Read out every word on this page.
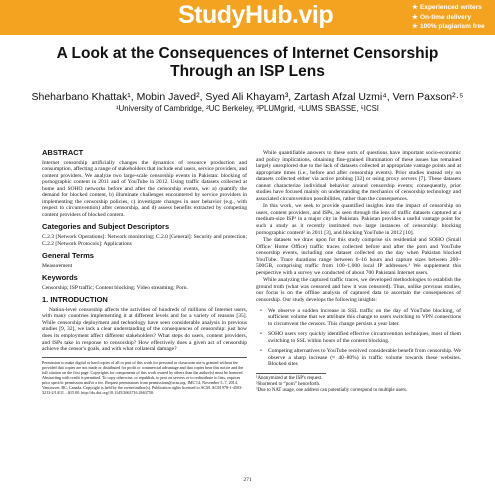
StudyHub.vip	★ Experienced writers
★ On-time delivery
★ 100% plagiarism free
A Look at the Consequences of Internet Censorship
Through an ISP Lens
Sheharbano Khattak¹, Mobin Javed², Syed Ali Khayam³, Zartash Afzal Uzmi⁴, Vern Paxson²·⁵
¹University of Cambridge, ²UC Berkeley, ³PLUMgrid, ⁴LUMS SBASSE, ⁵ICSI
ABSTRACT

Internet censorship artificially changes the dynamics of resource production and consumption, affecting a range of stakeholders that include end users, service providers, and content providers. We analyze two large-scale censorship events in Pakistan: blocking of pornographic content in 2011 and of YouTube in 2012. Using traffic datasets collected at home and SOHO networks before and after the censorship events, we: a) quantify the demand for blocked content, b) illuminate challenges encountered by service providers in implementing the censorship policies, c) investigate changes in user behavior (e.g., with respect to circumvention) after censorship, and d) assess benefits extracted by competing content providers of blocked content.

Categories and Subject Descriptors

C.2.3 [Network Operations]: Network monitoring; C.2.0 [General]: Security and protection; C.2.2 [Network Protocols]: Applications

General Terms

Measurement

Keywords

Censorship; ISP traffic; Content blocking; Video streaming; Porn.

1. INTRODUCTION

Nation-level censorship affects the activities of hundreds of millions of Internet users, with many countries implementing it at different levels and for a variety of reasons [35]. While censorship deployment and technology have seen considerable analysis in previous studies [9, 32], we lack a clear understanding of the consequences of censorship: just how does its employment affect different stakeholders? What steps do users, content providers, and ISPs take in response to censorship? How effectively does a given act of censorship achieve the censor's goals, and with what collateral damage?

Permission to make digital or hard copies of all or part of this work for personal or classroom use is granted without fee provided that copies are not made or distributed for profit or commercial advantage and that copies bear this notice and the full citation on the first page. Copyrights for components of this work owned by others than the author(s) must be honored. Abstracting with credit is permitted. To copy otherwise, or republish, to post on servers or to redistribute to lists, requires prior specific permission and/or a fee. Request permissions from permissions@acm.org. IMC'14, November 5–7, 2014, Vancouver, BC, Canada. Copyright is held by the owner/author(s). Publication rights licensed to ACM. ACM 978-1-4503-3213-2/14/11 ...$15.00. http://dx.doi.org/10.1145/2663716.2663750.

While quantifiable answers to these sorts of questions have important socio-economic and policy implications, obtaining fine-grained illumination of these issues has remained largely unexplored due to the lack of datasets collected at appropriate vantage points and at appropriate times (i.e., before and after censorship events). Prior studies instead rely on datasets collected either via active probing [32] or using proxy servers [7]. These datasets cannot characterize individual behavior around censorship events; consequently, prior studies have focused mainly on understanding the mechanics of censorship technology and associated circumvention possibilities, rather than the consequences.

In this work, we seek to provide quantified insights into the impact of censorship on users, content providers, and ISPs, as seen through the lens of traffic datasets captured at a medium-size ISP¹ in a major city in Pakistan. Pakistan provides a useful vantage point for such a study as it recently instituted two large instances of censorship: blocking pornographic content² in 2011 [3], and blocking YouTube in 2012 [10].

The datasets we draw upon for this study comprise six residential and SOHO (Small Office/ Home Office) traffic traces collected before and after the porn and YouTube censorship events, including one dataset collected on the day when Pakistan blocked YouTube. Trace durations range between 6–16 hours and capture sizes between 200–500GB, comprising traffic from 100–1,000 local IP addresses.³ We supplement this perspective with a survey we conducted of about 700 Pakistani Internet users.

While analyzing the captured traffic traces, we developed methodologies to establish the ground truth (what was censored and how it was censored). Thus, unlike previous studies, our focus is on the offline analysis of captured data to ascertain the consequences of censorship. Our study develops the following insights:

• We observe a sudden increase in SSL traffic on the day of YouTube blocking, of sufficient volume that we attribute this change to users switching to VPN connections to circumvent the censors. This change persists a year later.
• SOHO users very quickly identified effective circumvention techniques, most of them switching to SSL within hours of the content blocking.
• Competing alternatives to YouTube received considerable benefit from censorship. We observe a sharp increase (≈ 40–80%) in traffic volume towards these websites. Blocked sites
¹Anonymized at the ISP's request.
²Shortened to “porn” henceforth.
³Due to NAT usage, one address can potentially correspond to multiple users.
271
